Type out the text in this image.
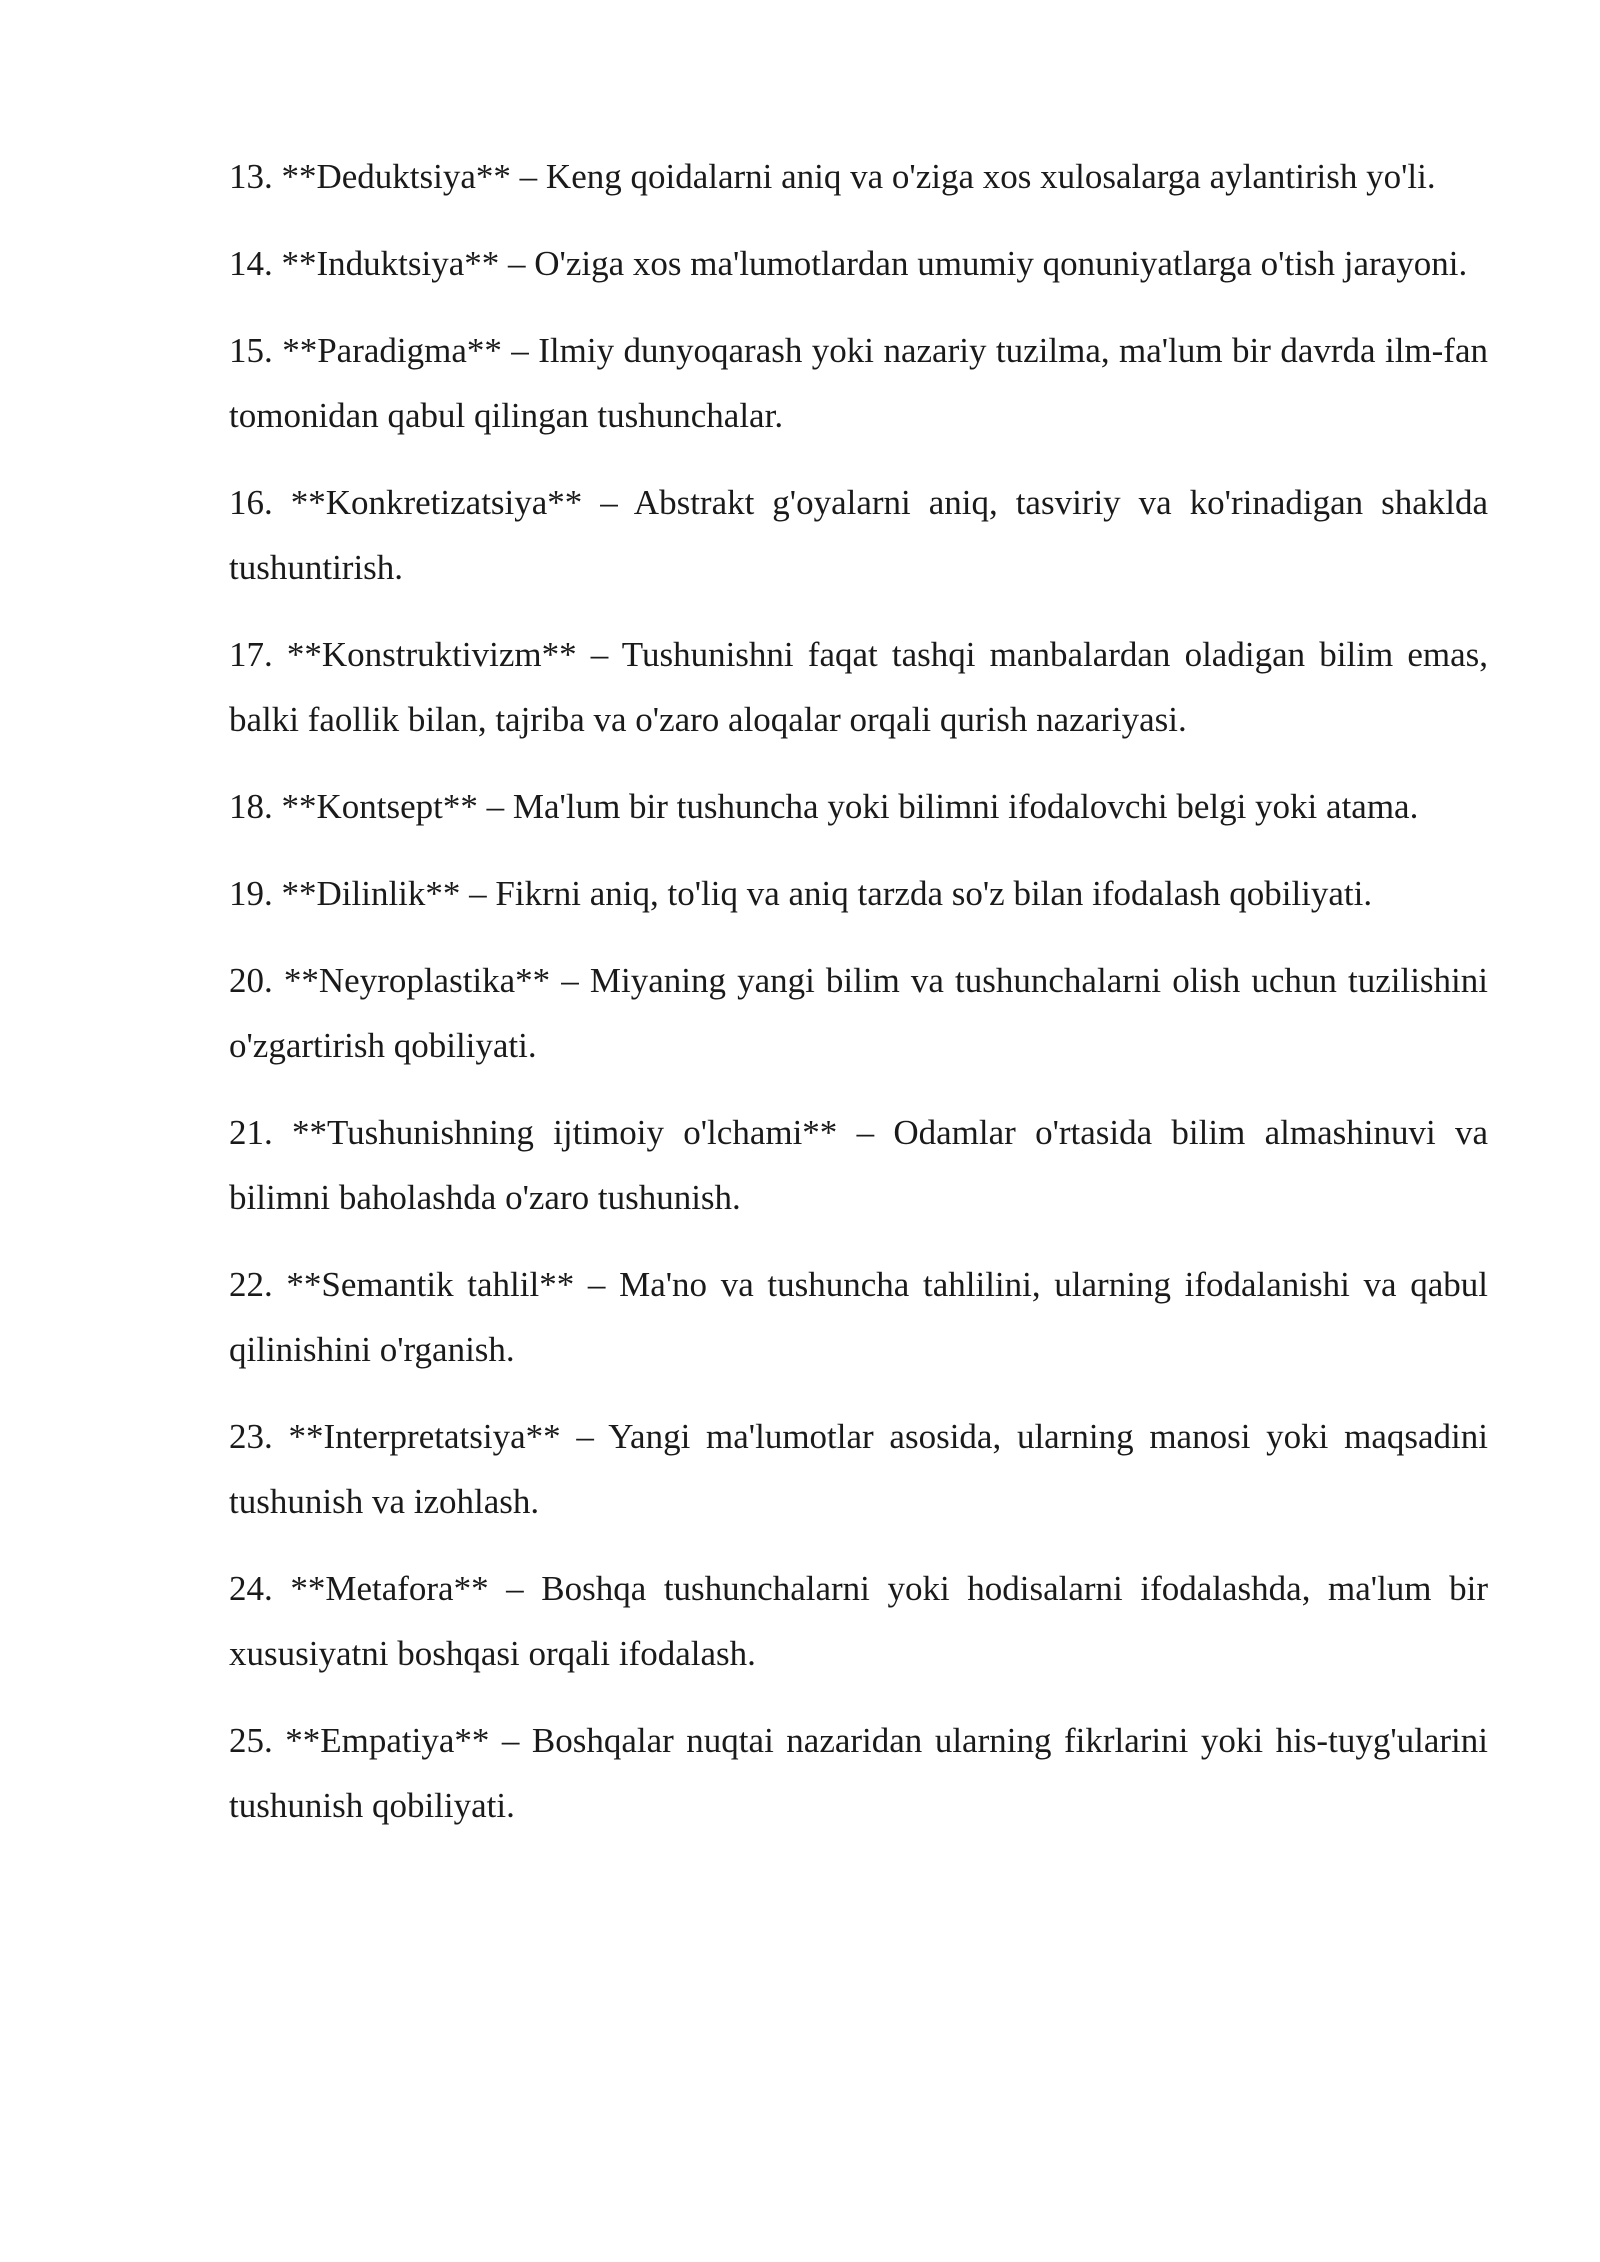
13. **Deduktsiya** – Keng qoidalarni aniq va o'ziga xos xulosalarga aylantirish yo'li.

14. **Induktsiya** – O'ziga xos ma'lumotlardan umumiy qonuniyatlarga o'tish jarayoni.

15. **Paradigma** – Ilmiy dunyoqarash yoki nazariy tuzilma, ma'lum bir davrda ilm-fan tomonidan qabul qilingan tushunchalar.

16. **Konkretizatsiya** – Abstrakt g'oyalarni aniq, tasviriy va ko'rinadigan shaklda tushuntirish.

17. **Konstruktivizm** – Tushunishni faqat tashqi manbalardan oladigan bilim emas, balki faollik bilan, tajriba va o'zaro aloqalar orqali qurish nazariyasi.

18. **Kontsept** – Ma'lum bir tushuncha yoki bilimni ifodalovchi belgi yoki atama.

19. **Dilinlik** – Fikrni aniq, to'liq va aniq tarzda so'z bilan ifodalash qobiliyati.

20. **Neyroplastika** – Miyaning yangi bilim va tushunchalarni olish uchun tuzilishini o'zgartirish qobiliyati.

21. **Tushunishning ijtimoiy o'lchami** – Odamlar o'rtasida bilim almashinuvi va bilimni baholashda o'zaro tushunish.

22. **Semantik tahlil** – Ma'no va tushuncha tahlilini, ularning ifodalanishi va qabul qilinishini o'rganish.

23. **Interpretatsiya** – Yangi ma'lumotlar asosida, ularning manosi yoki maqsadini tushunish va izohlash.

24. **Metafora** – Boshqa tushunchalarni yoki hodisalarni ifodalashda, ma'lum bir xususiyatni boshqasi orqali ifodalash.

25. **Empatiya** – Boshqalar nuqtai nazaridan ularning fikrlarini yoki his-tuyg'ularini tushunish qobiliyati.
